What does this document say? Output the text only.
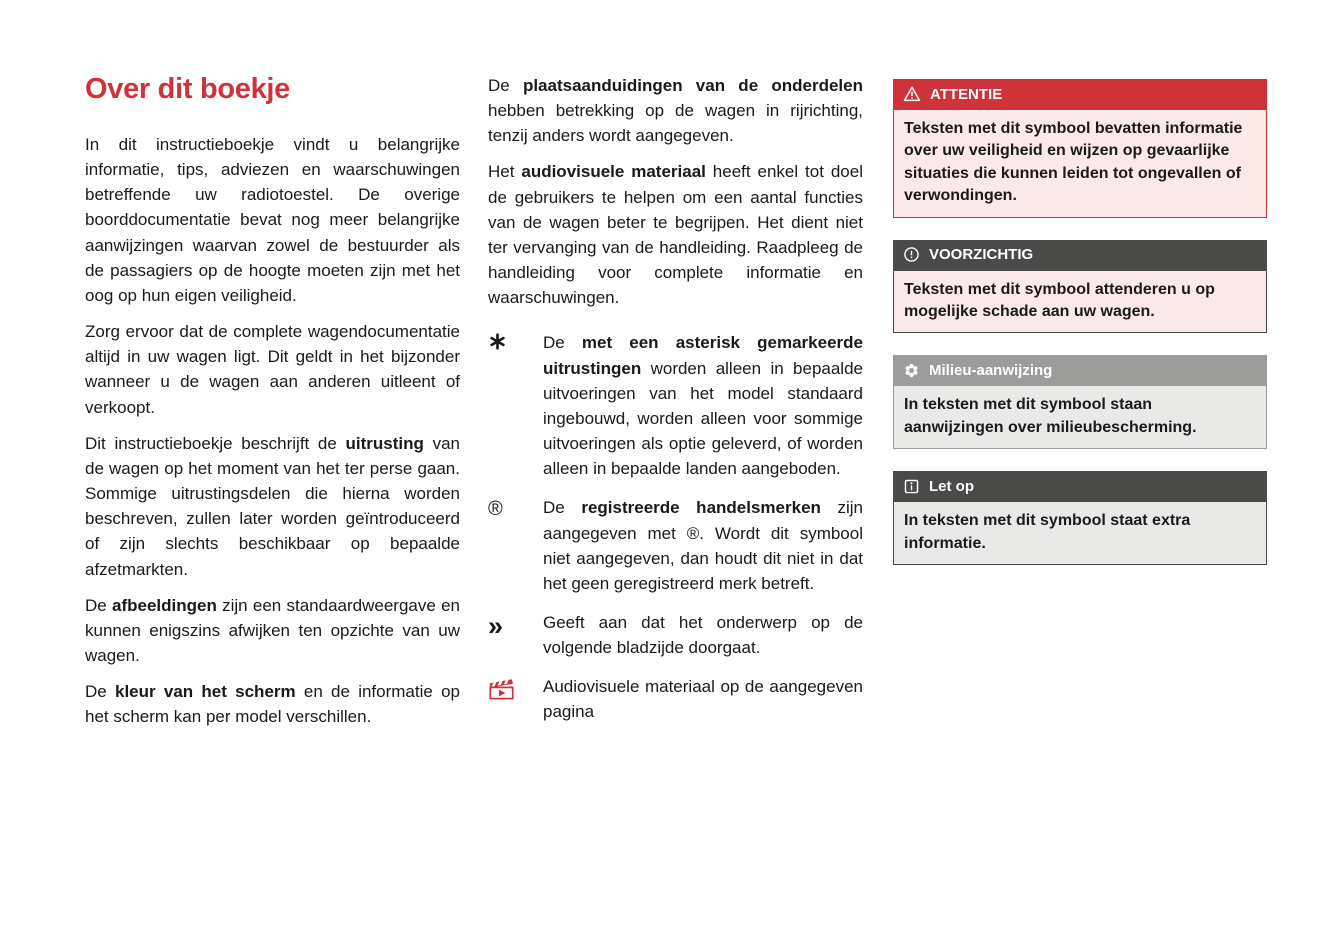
Over dit boekje

In dit instructieboekje vindt u belangrijke informatie, tips, adviezen en waarschuwingen betreffende uw radiotoestel. De overige boorddocumentatie bevat nog meer belangrijke aanwijzingen waarvan zowel de bestuurder als de passagiers op de hoogte moeten zijn met het oog op hun eigen veiligheid.

Zorg ervoor dat de complete wagendocumentatie altijd in uw wagen ligt. Dit geldt in het bijzonder wanneer u de wagen aan anderen uitleent of verkoopt.

Dit instructieboekje beschrijft de uitrusting van de wagen op het moment van het ter perse gaan. Sommige uitrustingsdelen die hierna worden beschreven, zullen later worden geïntroduceerd of zijn slechts beschikbaar op bepaalde afzetmarkten.

De afbeeldingen zijn een standaardweergave en kunnen enigszins afwijken ten opzichte van uw wagen.

De kleur van het scherm en de informatie op het scherm kan per model verschillen.

De plaatsaanduidingen van de onderdelen hebben betrekking op de wagen in rijrichting, tenzij anders wordt aangegeven.

Het audiovisuele materiaal heeft enkel tot doel de gebruikers te helpen om een aantal functies van de wagen beter te begrijpen. Het dient niet ter vervanging van de handleiding. Raadpleeg de handleiding voor complete informatie en waarschuwingen.

De met een asterisk gemarkeerde uitrustingen worden alleen in bepaalde uitvoeringen van het model standaard ingebouwd, worden alleen voor sommige uitvoeringen als optie geleverd, of worden alleen in bepaalde landen aangeboden.
®	De registreerde handelsmerken zijn aangegeven met ®. Wordt dit symbool niet aangegeven, dan houdt dit niet in dat het geen geregistreerd merk betreft.
»	Geeft aan dat het onderwerp op de volgende bladzijde doorgaat.
Audiovisuele materiaal op de aangegeven pagina
ATTENTIE
Teksten met dit symbool bevatten informatie over uw veiligheid en wijzen op gevaarlijke situaties die kunnen leiden tot ongevallen of verwondingen.
VOORZICHTIG
Teksten met dit symbool attenderen u op mogelijke schade aan uw wagen.
Milieu-aanwijzing
In teksten met dit symbool staan aanwijzingen over milieubescherming.
Let op
In teksten met dit symbool staat extra informatie.
